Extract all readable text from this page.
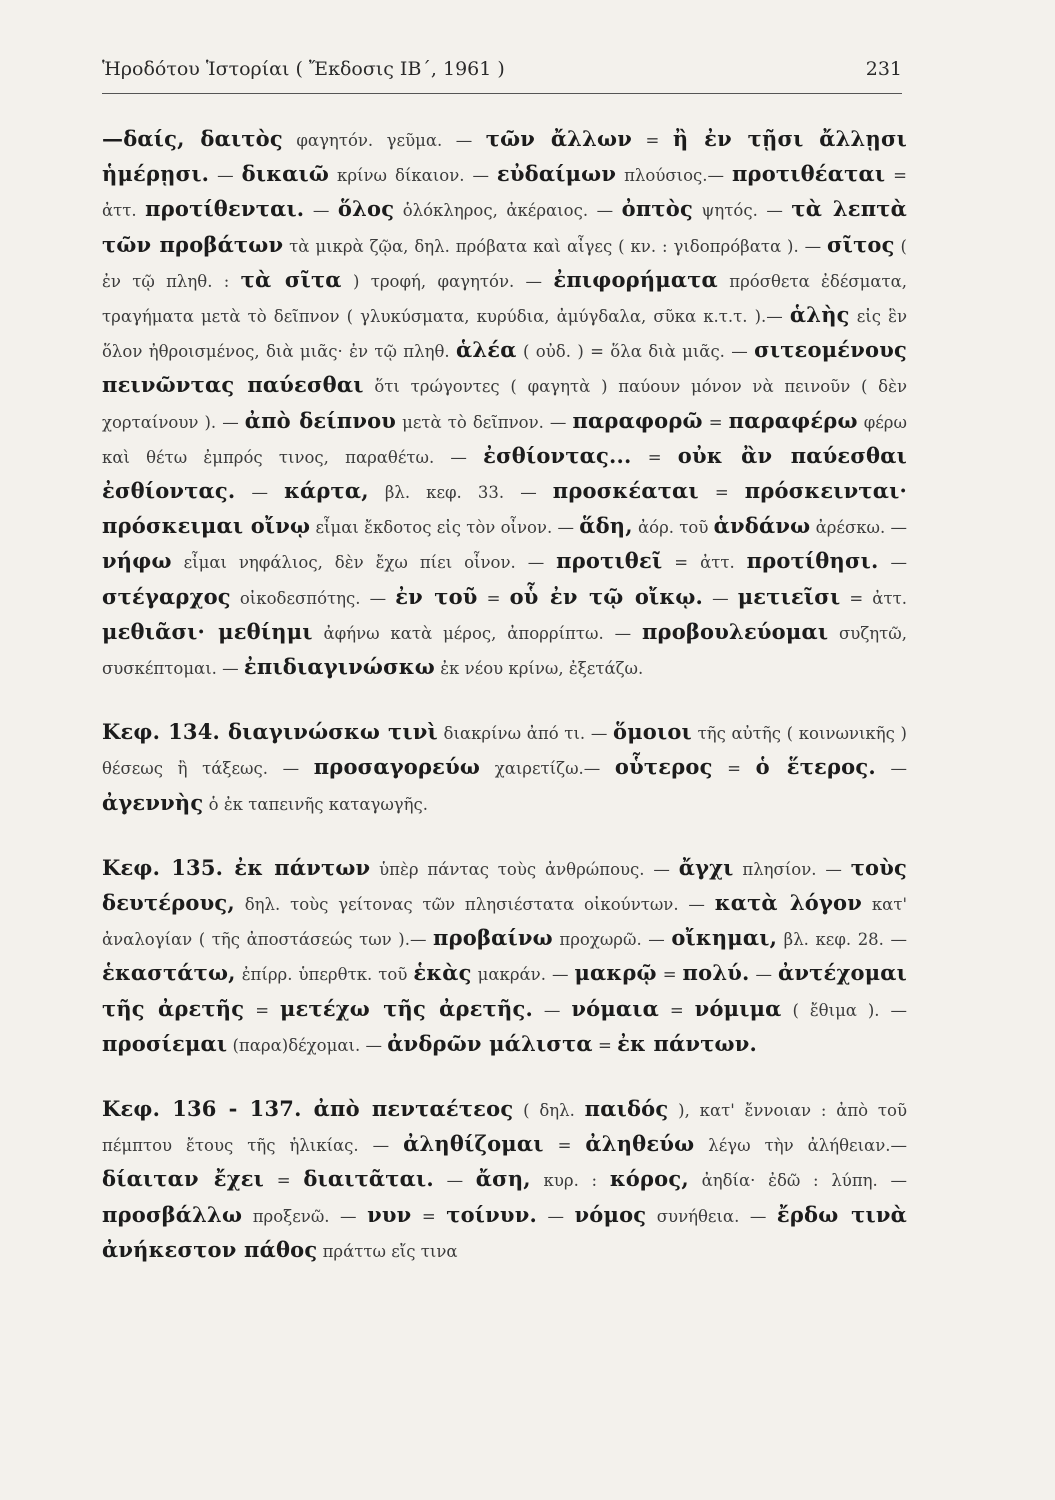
Ἡροδότου Ἱστορίαι ( Ἔκδοσις ΙΒ΄, 1961 )	231

—δαίς, δαιτὸς φαγητόν. γεῦμα. — τῶν ἄλλων = ἢ ἐν τῇσι ἄλλῃσι ἡμέρῃσι. — δικαιῶ κρίνω δίκαιον. — εὐδαίμων πλούσιος.— προτιθέαται = ἀττ. προτίθενται. — ὅλος ὁλόκληρος, ἀκέραιος. — ὀπτὸς ψητός. — τὰ λεπτὰ τῶν προβάτων τὰ μικρὰ ζῷα, δηλ. πρόβατα καὶ αἶγες ( κν. : γιδοπρόβατα ). — σῖτος ( ἐν τῷ πληθ. : τὰ σῖτα ) τροφή, φαγητόν. — ἐπιφορήματα πρόσθετα ἐδέσματα, τραγήματα μετὰ τὸ δεῖπνον ( γλυκύσματα, κυρύδια, ἀμύγδαλα, σῦκα κ.τ.τ. ).— ἁλὴς εἰς ἓν ὅλον ἠθροισμένος, διὰ μιᾶς· ἐν τῷ πληθ. ἁλέα ( οὐδ. ) = ὅλα διὰ μιᾶς. — σιτεομένους πεινῶντας παύεσθαι ὅτι τρώγοντες ( φαγητὰ ) παύουν μόνον νὰ πεινοῦν ( δὲν χορταίνουν ). — ἀπὸ δείπνου μετὰ τὸ δεῖπνον. — παραφορῶ = παραφέρω φέρω καὶ θέτω ἐμπρός τινος, παραθέτω. — ἐσθίοντας... = οὐκ ἂν παύεσθαι ἐσθίοντας. — κάρτα, βλ. κεφ. 33. — προσκέαται = πρόσκεινται· πρόσκειμαι οἴνῳ εἶμαι ἔκδοτος εἰς τὸν οἶνον. — ἅδη, ἀόρ. τοῦ ἁνδάνω ἀρέσκω. — νήφω εἶμαι νηφάλιος, δὲν ἔχω πίει οἶνον. — προτιθεῖ = ἀττ. προτίθησι. — στέγαρχος οἰκοδεσπότης. — ἐν τοῦ = οὗ ἐν τῷ οἴκῳ. — μετιεῖσι = ἀττ. μεθιᾶσι· μεθίημι ἀφήνω κατὰ μέρος, ἀπορρίπτω. — προβουλεύομαι συζητῶ, συσκέπτομαι. — ἐπιδιαγινώσκω ἐκ νέου κρίνω, ἐξετάζω.

Κεφ. 134. διαγινώσκω τινὶ διακρίνω ἀπό τι. — ὅμοιοι τῆς αὐτῆς ( κοινωνικῆς ) θέσεως ἢ τάξεως. — προσαγορεύω χαιρετίζω.— οὗτερος = ὁ ἕτερος. — ἀγεννὴς ὁ ἐκ ταπεινῆς καταγωγῆς.

Κεφ. 135. ἐκ πάντων ὑπὲρ πάντας τοὺς ἀνθρώπους. — ἄγχι πλησίον. — τοὺς δευτέρους, δηλ. τοὺς γείτονας τῶν πλησιέστατα οἰκούντων. — κατὰ λόγον κατ' ἀναλογίαν ( τῆς ἀποστάσεώς των ).— προβαίνω προχωρῶ. — οἴκημαι, βλ. κεφ. 28. — ἑκαστάτω, ἐπίρρ. ὑπερθτκ. τοῦ ἑκὰς μακράν. — μακρῷ = πολύ. — ἀντέχομαι τῆς ἀρετῆς = μετέχω τῆς ἀρετῆς. — νόμαια = νόμιμα ( ἔθιμα ). — προσίεμαι (παρα)δέχομαι. — ἀνδρῶν μάλιστα = ἐκ πάντων.

Κεφ. 136 - 137. ἀπὸ πενταέτεος ( δηλ. παιδός ), κατ' ἔννοιαν : ἀπὸ τοῦ πέμπτου ἔτους τῆς ἡλικίας. — ἀληθίζομαι = ἀληθεύω λέγω τὴν ἀλήθειαν.— δίαιταν ἔχει = διαιτᾶται. — ἄση, κυρ. : κόρος, ἀηδία· ἐδῶ : λύπη. — προσβάλλω προξενῶ. — νυν = τοίνυν. — νόμος συνήθεια. — ἔρδω τινὰ ἀνήκεστον πάθος πράττω εἴς τινα
